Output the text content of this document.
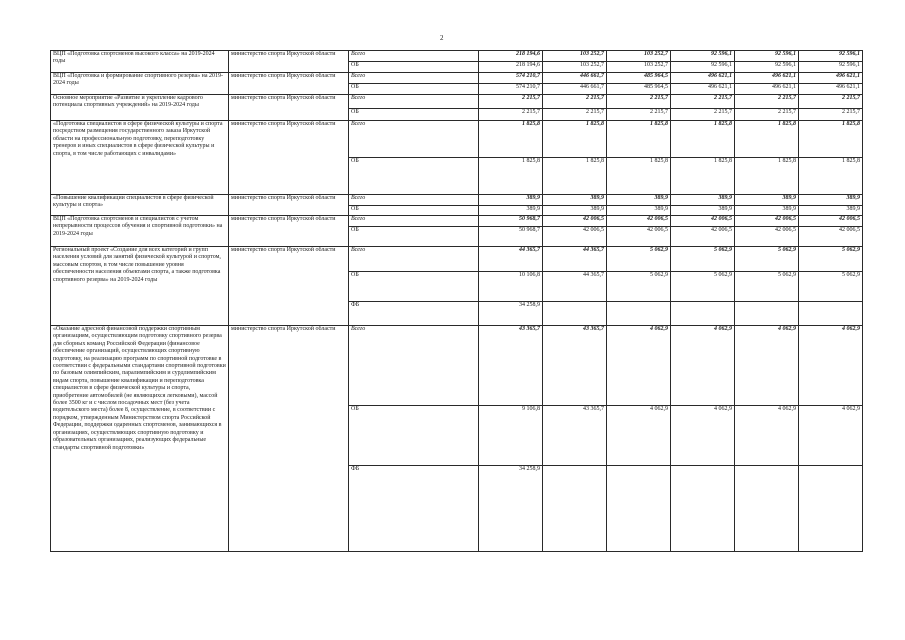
2
ВЦП «Подготовка спортсменов высокого класса» на 2019-2024 годы	министерство спорта Иркутской области	Всего	218 194,6	103 252,7	103 252,7	92 596,1	92 596,1	92 596,1

		ОБ	218 194,6	103 252,7	103 252,7	92 596,1	92 596,1	92 596,1
ВЦП «Подготовка и формирование спортивного резерва» на 2019-2024 годы	министерство спорта Иркутской области	Всего	574 210,7	446 661,7	485 964,5	496 621,1	496 621,1	496 621,1

		ОБ	574 210,7	446 661,7	485 964,5	496 621,1	496 621,1	496 621,1
Основное мероприятие «Развитие и укрепление кадрового потенциала спортивных учреждений» на 2019-2024 годы	министерство спорта Иркутской области	Всего	2 215,7	2 215,7	2 215,7	2 215,7	2 215,7	2 215,7

		ОБ	2 215,7	2 215,7	2 215,7	2 215,7	2 215,7	2 215,7
«Подготовка специалистов в сфере физической культуры и спорта посредством размещения государственного заказа Иркутской области на профессиональную подготовку, переподготовку тренеров и иных специалистов в сфере физической культуры и спорта, в том числе работающих с инвалидами»	министерство спорта Иркутской области	Всего	1 825,8	1 825,8	1 825,8	1 825,8	1 825,8	1 825,8

		ОБ	1 825,8	1 825,8	1 825,8	1 825,8	1 825,8	1 825,8
«Повышение квалификации специалистов в сфере физической культуры и спорта»	министерство спорта Иркутской области	Всего	389,9	389,9	389,9	389,9	389,9	389,9

		ОБ	389,9	389,9	389,9	389,9	389,9	389,9
ВЦП «Подготовка спортсменов и специалистов с учетом непрерывности процессов обучения и спортивной подготовки» на 2019-2024 годы	министерство спорта Иркутской области	Всего	50 968,7	42 006,5	42 006,5	42 006,5	42 006,5	42 006,5

		ОБ	50 968,7	42 006,5	42 006,5	42 006,5	42 006,5	42 006,5
Региональный проект «Создание для всех категорий и групп населения условий для занятий физической культурой и спортом, массовым спортом, в том числе повышение уровня обеспеченности населения объектами спорта, а также подготовка спортивного резерва» на 2019-2024 годы	министерство спорта Иркутской области	Всего	44 365,7	44 365,7	5 062,9	5 062,9	5 062,9	5 062,9

		ОБ	10 106,8	44 365,7	5 062,9	5 062,9	5 062,9	5 062,9

		ФБ	34 258,9					
«Оказание адресной финансовой поддержки спортивным организациям, осуществляющим подготовку спортивного резерва для сборных команд Российской Федерации (финансовое обеспечение организаций, осуществляющих спортивную подготовку, на реализацию программ по спортивной подготовке в соответствии с федеральными стандартами спортивной подготовки по базовым олимпийским, паралимпийским и сурдлимпийским видам спорта, повышение квалификации и переподготовка специалистов в сфере физической культуры и спорта, приобретение автомобилей (не являющихся легковыми), массой более 3500 кг и с числом посадочных мест (без учета водительского места) более 8, осуществление, в соответствии с порядком, утвержденным Министерством спорта Российской Федерации, поддержки одаренных спортсменов, занимающихся в организациях, осуществляющих спортивную подготовку и образовательных организациях, реализующих федеральные стандарты спортивной подготовки»	министерство спорта Иркутской области	Всего	43 365,7	43 365,7	4 062,9	4 062,9	4 062,9	4 062,9

		ОБ	9 106,8	43 365,7	4 062,9	4 062,9	4 062,9	4 062,9

		ФБ	34 258,9					
